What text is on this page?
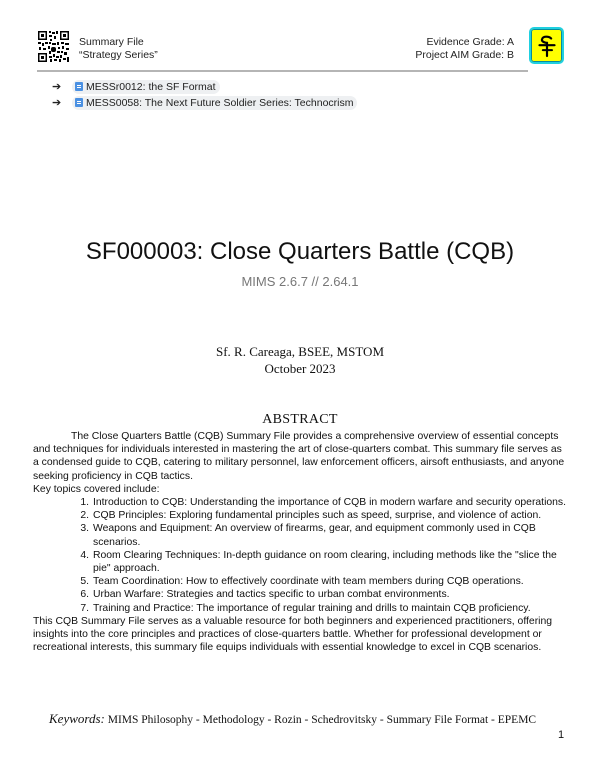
Summary File
“Strategy Series”
Evidence Grade: A
Project AIM Grade: B
➔	MESSr0012: the SF Format
➔	MESS0058: The Next Future Soldier Series: Technocrism
SF000003: Close Quarters Battle (CQB)
MIMS 2.6.7 // 2.64.1
Sf. R. Careaga, BSEE, MSTOM
October 2023
ABSTRACT

The Close Quarters Battle (CQB) Summary File provides a comprehensive overview of essential concepts and techniques for individuals interested in mastering the art of close-quarters combat. This summary file serves as a condensed guide to CQB, catering to military personnel, law enforcement officers, airsoft enthusiasts, and anyone seeking proficiency in CQB tactics.

Key topics covered include:

1. Introduction to CQB: Understanding the importance of CQB in modern warfare and security operations.
2. CQB Principles: Exploring fundamental principles such as speed, surprise, and violence of action.
3. Weapons and Equipment: An overview of firearms, gear, and equipment commonly used in CQB scenarios.
4. Room Clearing Techniques: In-depth guidance on room clearing, including methods like the "slice the pie" approach.
5. Team Coordination: How to effectively coordinate with team members during CQB operations.
6. Urban Warfare: Strategies and tactics specific to urban combat environments.
7. Training and Practice: The importance of regular training and drills to maintain CQB proficiency.

This CQB Summary File serves as a valuable resource for both beginners and experienced practitioners, offering insights into the core principles and practices of close-quarters battle. Whether for professional development or recreational interests, this summary file equips individuals with essential knowledge to excel in CQB scenarios.

Keywords: MIMS Philosophy - Methodology - Rozin - Schedrovitsky - Summary File Format - EPEMC
1
